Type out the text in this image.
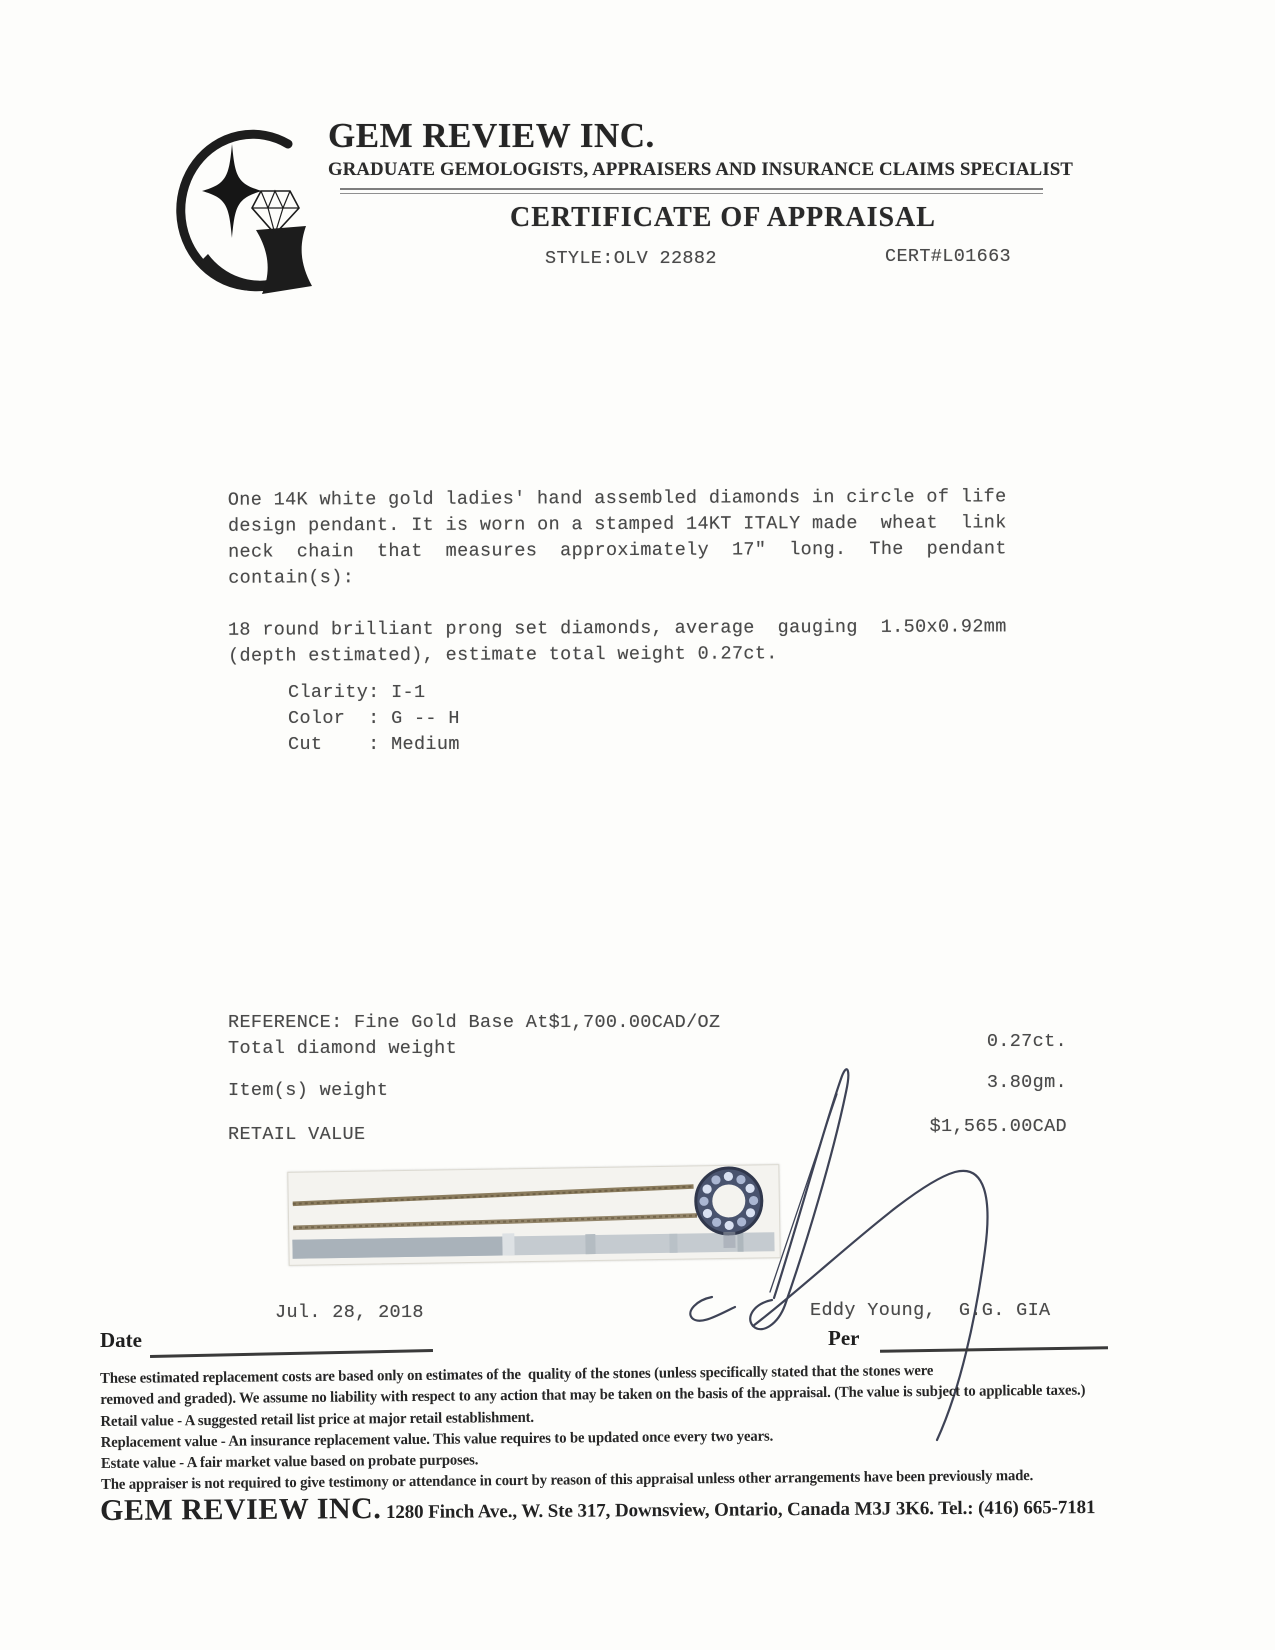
GEM REVIEW INC.
GRADUATE GEMOLOGISTS, APPRAISERS AND INSURANCE CLAIMS SPECIALIST
CERTIFICATE OF APPRAISAL
STYLE:OLV 22882	CERT#L01663
One 14K white gold ladies' hand assembled diamonds in circle of life
design pendant. It is worn on a stamped 14KT ITALY made  wheat  link
neck  chain  that  measures  approximately  17"  long.  The  pendant
contain(s):
18 round brilliant prong set diamonds, average  gauging  1.50x0.92mm
(depth estimated), estimate total weight 0.27ct.
Clarity: I-1
Color  : G -- H
Cut    : Medium
REFERENCE: Fine Gold Base At$1,700.00CAD/OZ
Total diamond weight	0.27ct.
Item(s) weight	3.80gm.
RETAIL VALUE	$1,565.00CAD
Jul. 28, 2018	Eddy Young,  G.G. GIA
Date	Per
These estimated replacement costs are based only on estimates of the  quality of the stones (unless specifically stated that the stones were
removed and graded). We assume no liability with respect to any action that may be taken on the basis of the appraisal. (The value is subject to applicable taxes.)
Retail value - A suggested retail list price at major retail establishment.
Replacement value - An insurance replacement value. This value requires to be updated once every two years.
Estate value - A fair market value based on probate purposes.
The appraiser is not required to give testimony or attendance in court by reason of this appraisal unless other arrangements have been previously made.
GEM REVIEW INC. 1280 Finch Ave., W. Ste 317, Downsview, Ontario, Canada M3J 3K6. Tel.: (416) 665-7181
